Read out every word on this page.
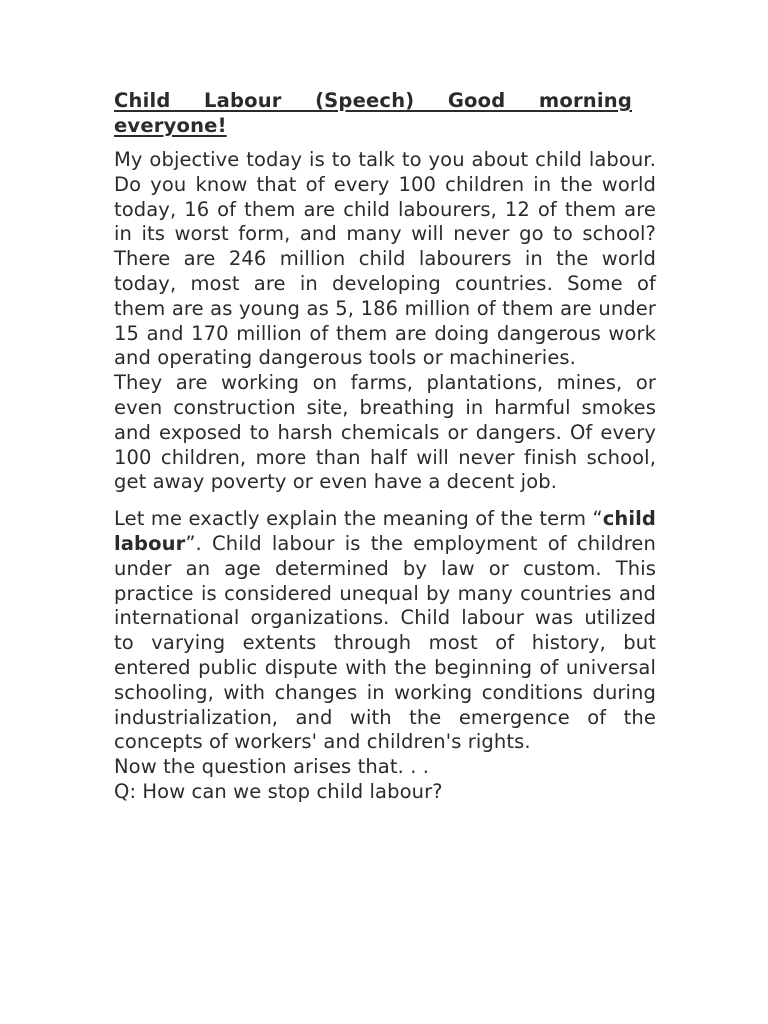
Child Labour (Speech) Good morning
everyone!

My objective today is to talk to you about child labour. Do you know that of every 100 children in the world today, 16 of them are child labourers, 12 of them are in its worst form, and many will never go to school? There are 246 million child labourers in the world today, most are in developing countries. Some of them are as young as 5, 186 million of them are under 15 and 170 million of them are doing dangerous work and operating dangerous tools or machineries.

They are working on farms, plantations, mines, or even construction site, breathing in harmful smokes and exposed to harsh chemicals or dangers. Of every 100 children, more than half will never finish school, get away poverty or even have a decent job.

Let me exactly explain the meaning of the term “child labour”. Child labour is the employment of children under an age determined by law or custom. This practice is considered unequal by many countries and international organizations. Child labour was utilized to varying extents through most of history, but entered public dispute with the beginning of universal schooling, with changes in working conditions during industrialization, and with the emergence of the concepts of workers' and children's rights.

Now the question arises that. . .

Q: How can we stop child labour?
